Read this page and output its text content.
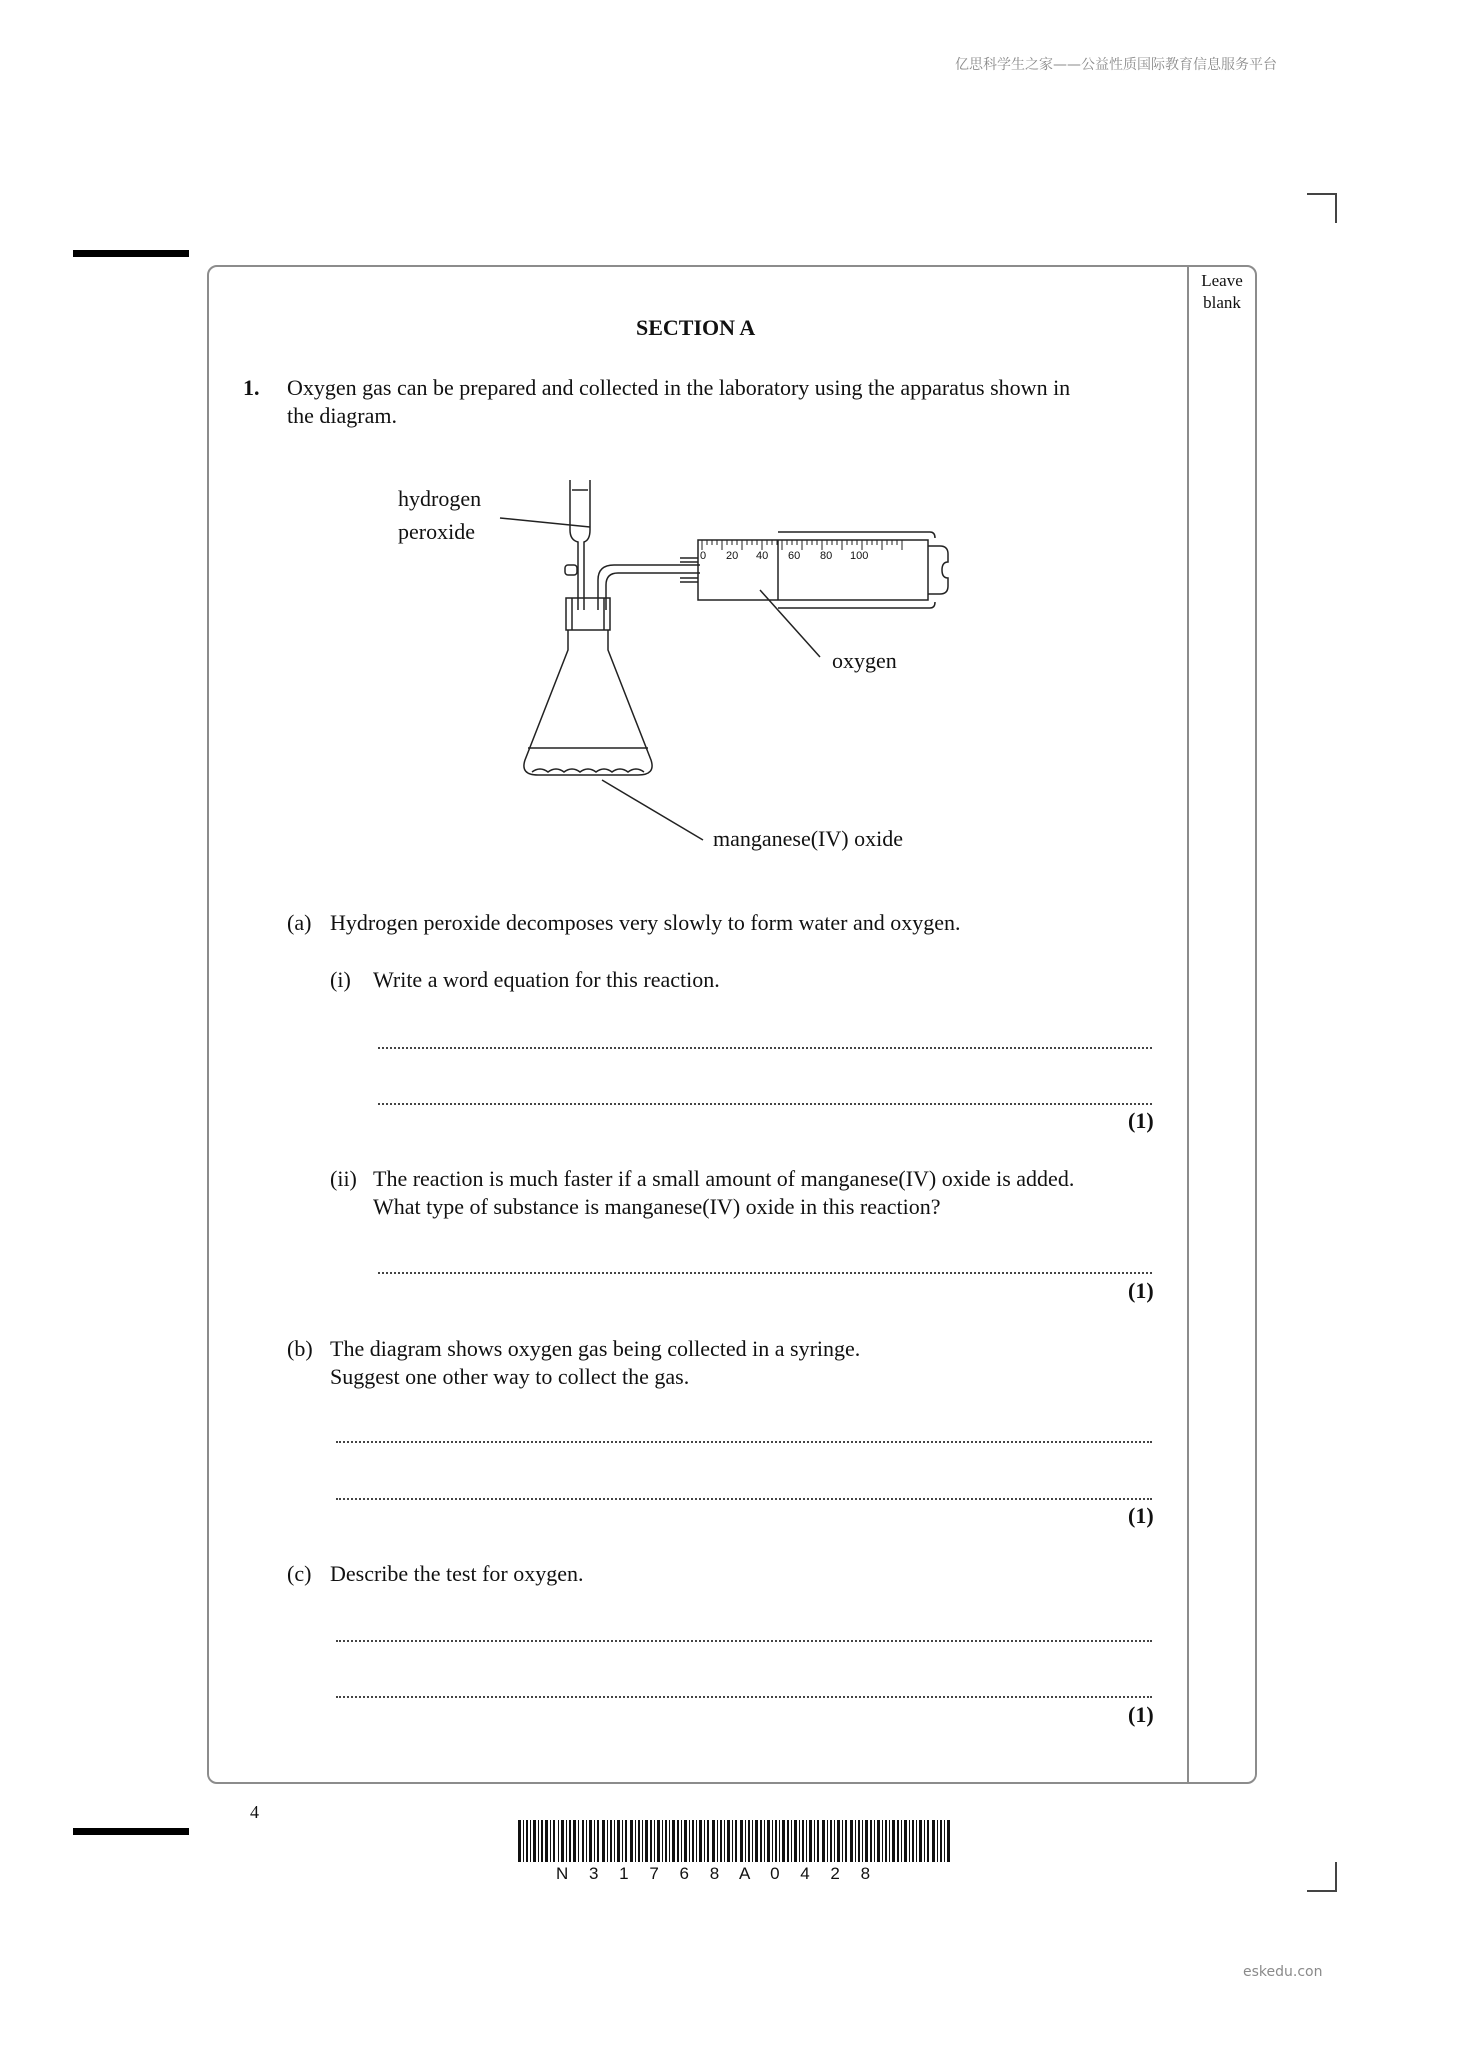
亿思科学生之家——公益性质国际教育信息服务平台
Leave
blank
SECTION A
1. Oxygen gas can be prepared and collected in the laboratory using the apparatus shown in
the diagram.
hydrogen
peroxide
oxygen
manganese(IV) oxide
0 20 40 60 80 100
(a) Hydrogen peroxide decomposes very slowly to form water and oxygen.
(i) Write a word equation for this reaction.
(1)
(ii) The reaction is much faster if a small amount of manganese(IV) oxide is added.
What type of substance is manganese(IV) oxide in this reaction?
(1)
(b) The diagram shows oxygen gas being collected in a syringe.
Suggest one other way to collect the gas.
(1)
(c) Describe the test for oxygen.
(1)
4
N 3 1 7 6 8 A 0 4 2 8
eskedu.con
